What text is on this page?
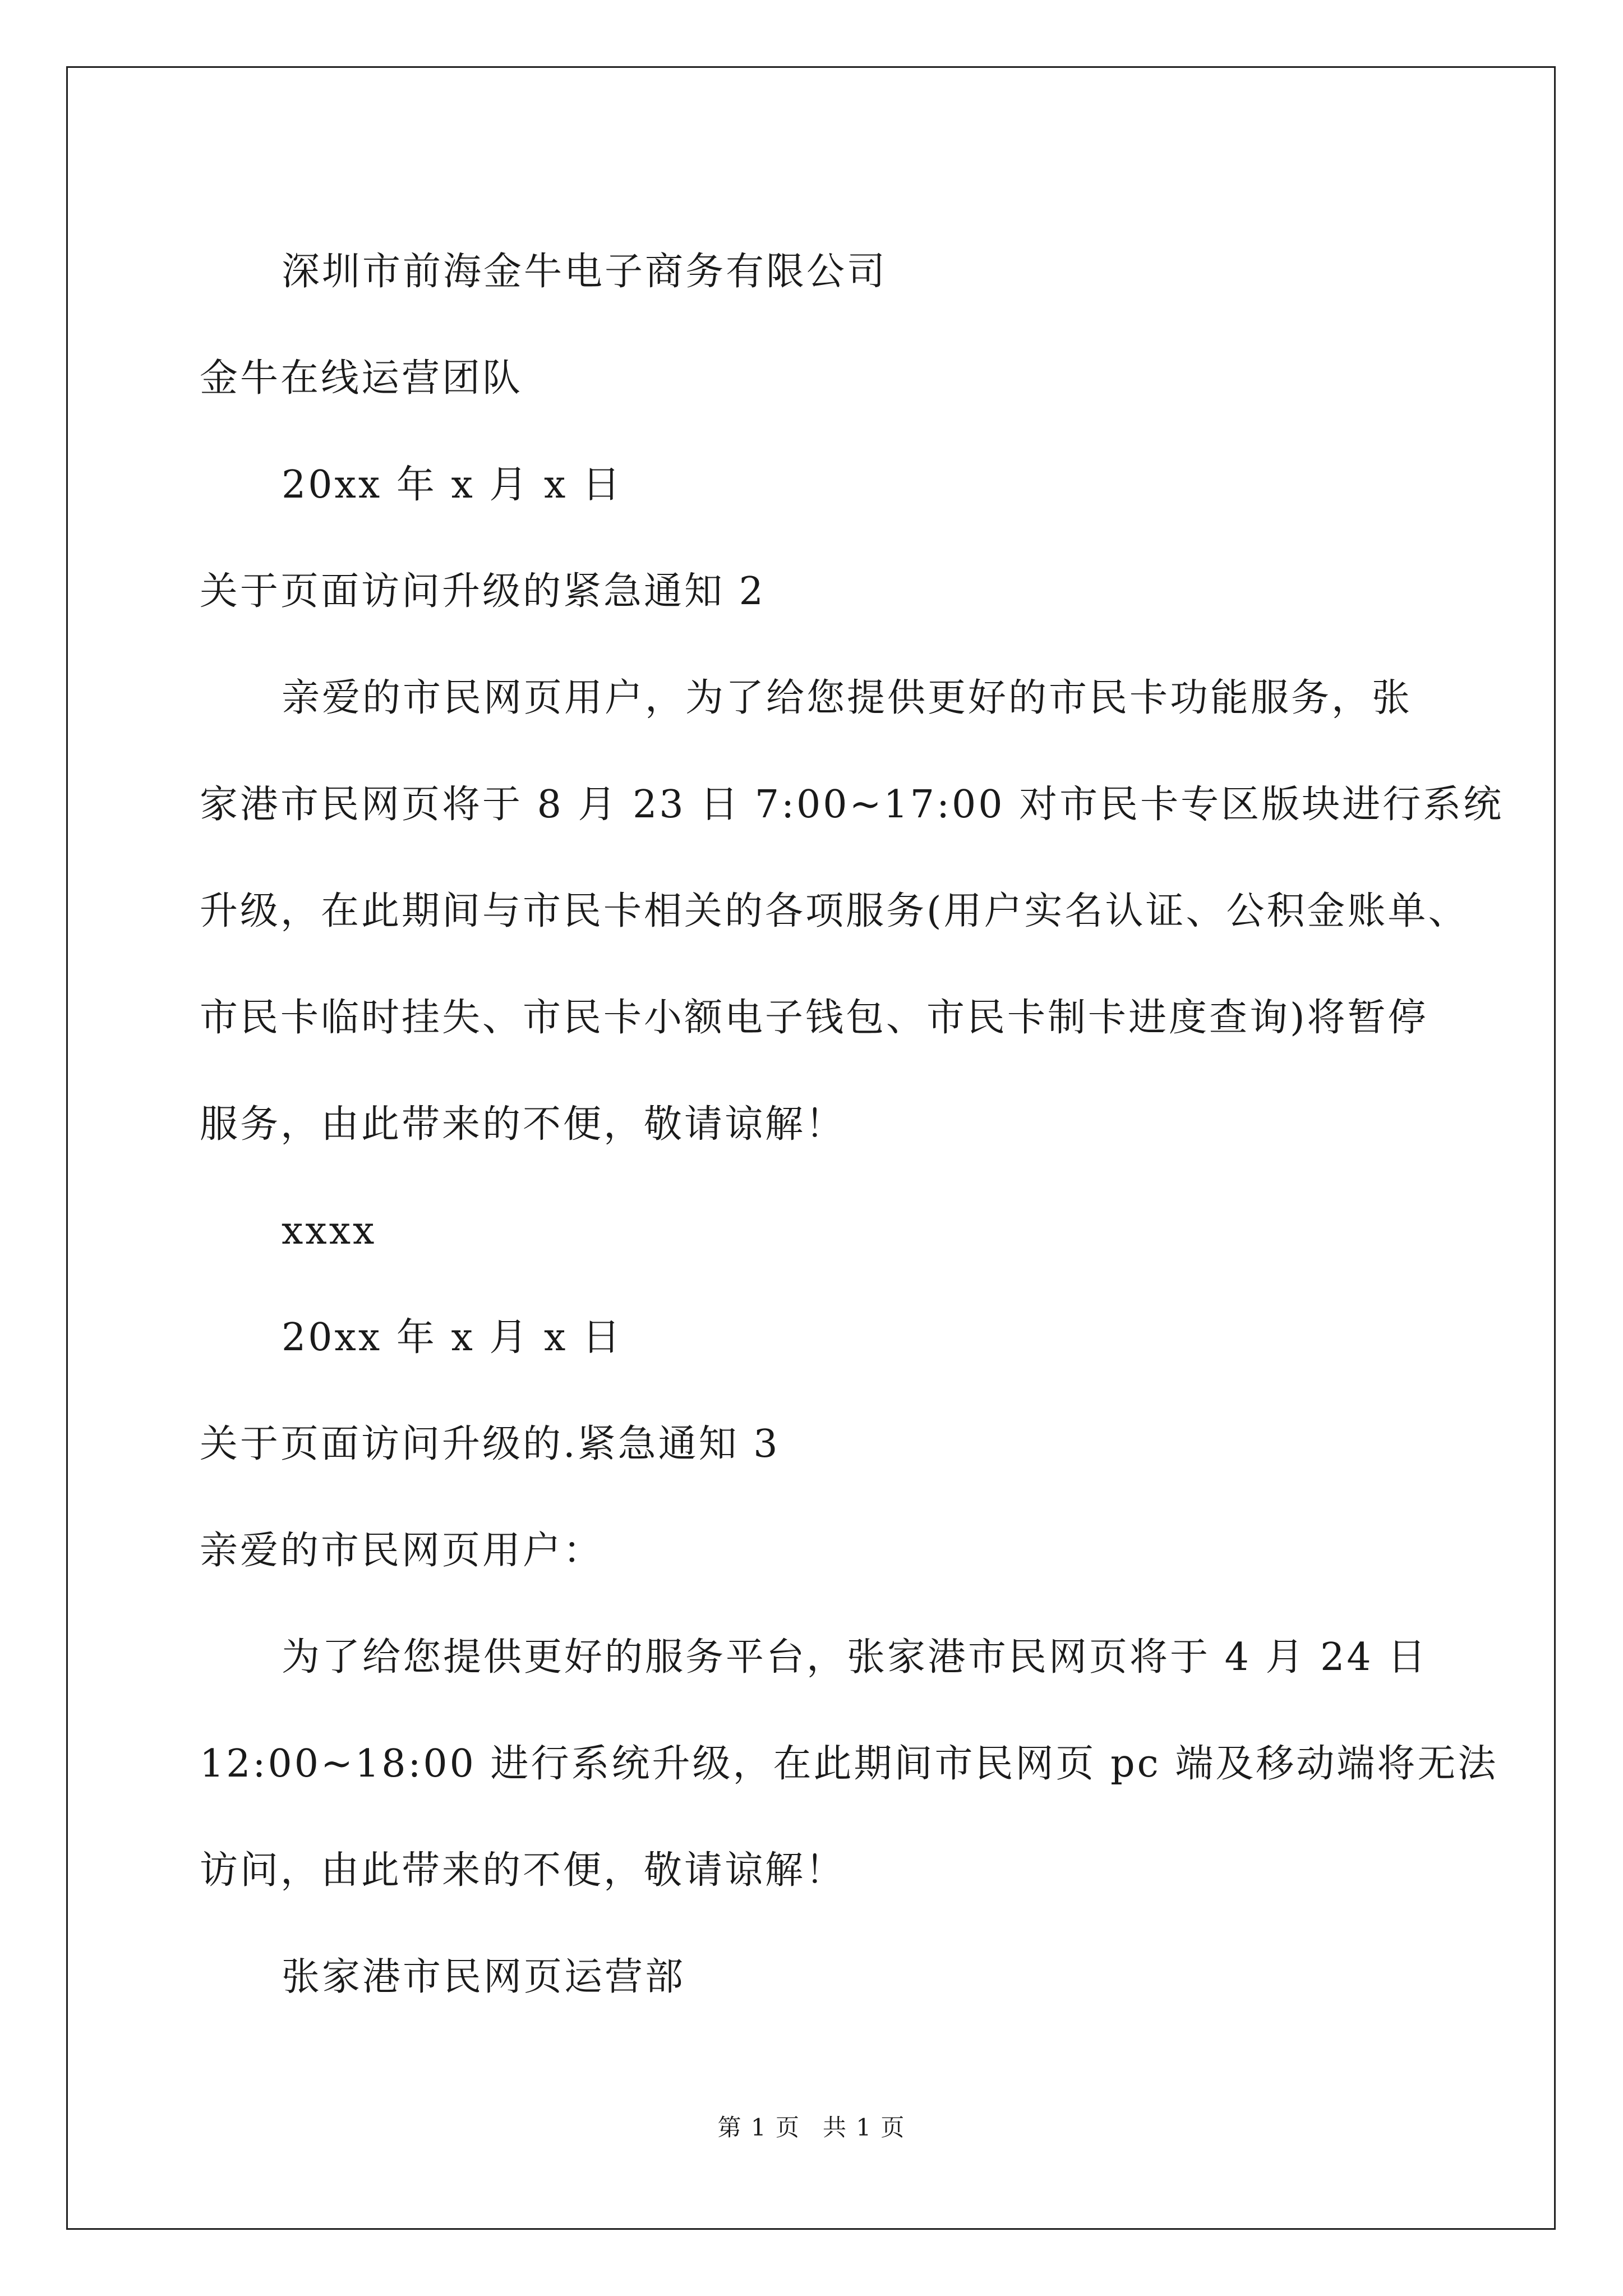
深圳市前海金牛电子商务有限公司
金牛在线运营团队
20xx 年 x 月 x 日
关于页面访问升级的紧急通知 2
亲爱的市民网页用户，为了给您提供更好的市民卡功能服务，张
家港市民网页将于 8 月 23 日 7:00~17:00 对市民卡专区版块进行系统
升级，在此期间与市民卡相关的各项服务(用户实名认证、公积金账单、
市民卡临时挂失、市民卡小额电子钱包、市民卡制卡进度查询)将暂停
服务，由此带来的不便，敬请谅解！
xxxx
20xx 年 x 月 x 日
关于页面访问升级的.紧急通知 3
亲爱的市民网页用户：
为了给您提供更好的服务平台，张家港市民网页将于 4 月 24 日
12:00~18:00 进行系统升级，在此期间市民网页 pc 端及移动端将无法
访问，由此带来的不便，敬请谅解！
张家港市民网页运营部
第 1 页 共 1 页
